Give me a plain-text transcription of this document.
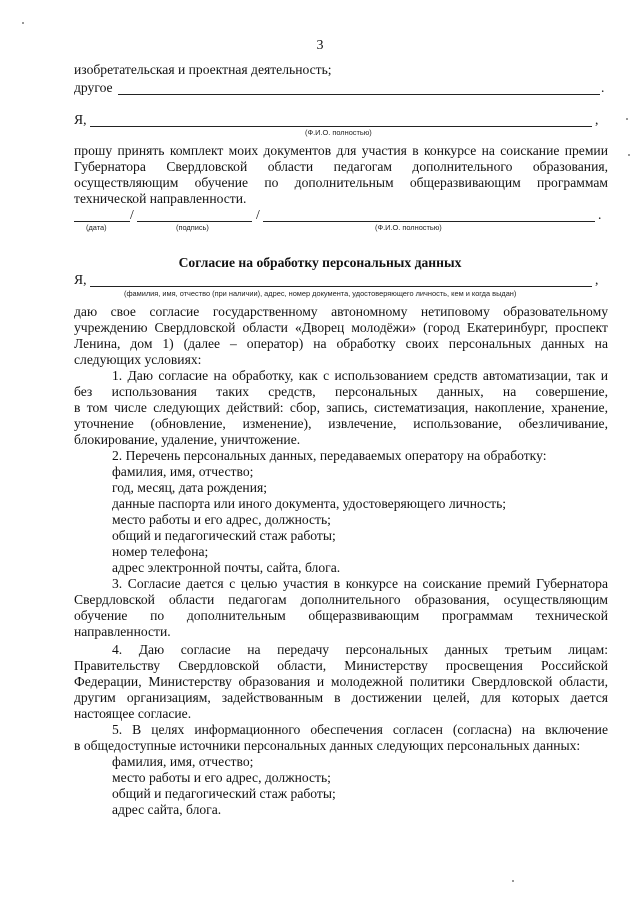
3
изобретательская и проектная деятельность;
другое	.
Я,	,
(Ф.И.О. полностью)
прошу принять комплект моих документов для участия в конкурсе на соискание премии
Губернатора Свердловской области педагогам дополнительного образования,
осуществляющим обучение по дополнительным общеразвивающим программам
технической направленности.
/	/	.
(дата)	(подпись)	(Ф.И.О. полностью)
Согласие на обработку персональных данных
Я,	,
(фамилия, имя, отчество (при наличии), адрес, номер документа, удостоверяющего личность, кем и когда выдан)
даю свое согласие государственному автономному нетиповому образовательному
учреждению Свердловской области «Дворец молодёжи» (город Екатеринбург, проспект
Ленина, дом 1) (далее – оператор) на обработку своих персональных данных на
следующих условиях:
1. Даю согласие на обработку, как с использованием средств автоматизации, так и
без использования таких средств, персональных данных, на совершение,
в том числе следующих действий: сбор, запись, систематизация, накопление, хранение,
уточнение (обновление, изменение), извлечение, использование, обезличивание,
блокирование, удаление, уничтожение.
2. Перечень персональных данных, передаваемых оператору на обработку:
фамилия, имя, отчество;
год, месяц, дата рождения;
данные паспорта или иного документа, удостоверяющего личность;
место работы и его адрес, должность;
общий и педагогический стаж работы;
номер телефона;
адрес электронной почты, сайта, блога.
3. Согласие дается с целью участия в конкурсе на соискание премий Губернатора
Свердловской области педагогам дополнительного образования, осуществляющим
обучение по дополнительным общеразвивающим программам технической
направленности.
4. Даю согласие на передачу персональных данных третьим лицам:
Правительству Свердловской области, Министерству просвещения Российской
Федерации, Министерству образования и молодежной политики Свердловской области,
другим организациям, задействованным в достижении целей, для которых дается
настоящее согласие.
5. В целях информационного обеспечения согласен (согласна) на включение
в общедоступные источники персональных данных следующих персональных данных:
фамилия, имя, отчество;
место работы и его адрес, должность;
общий и педагогический стаж работы;
адрес сайта, блога.
